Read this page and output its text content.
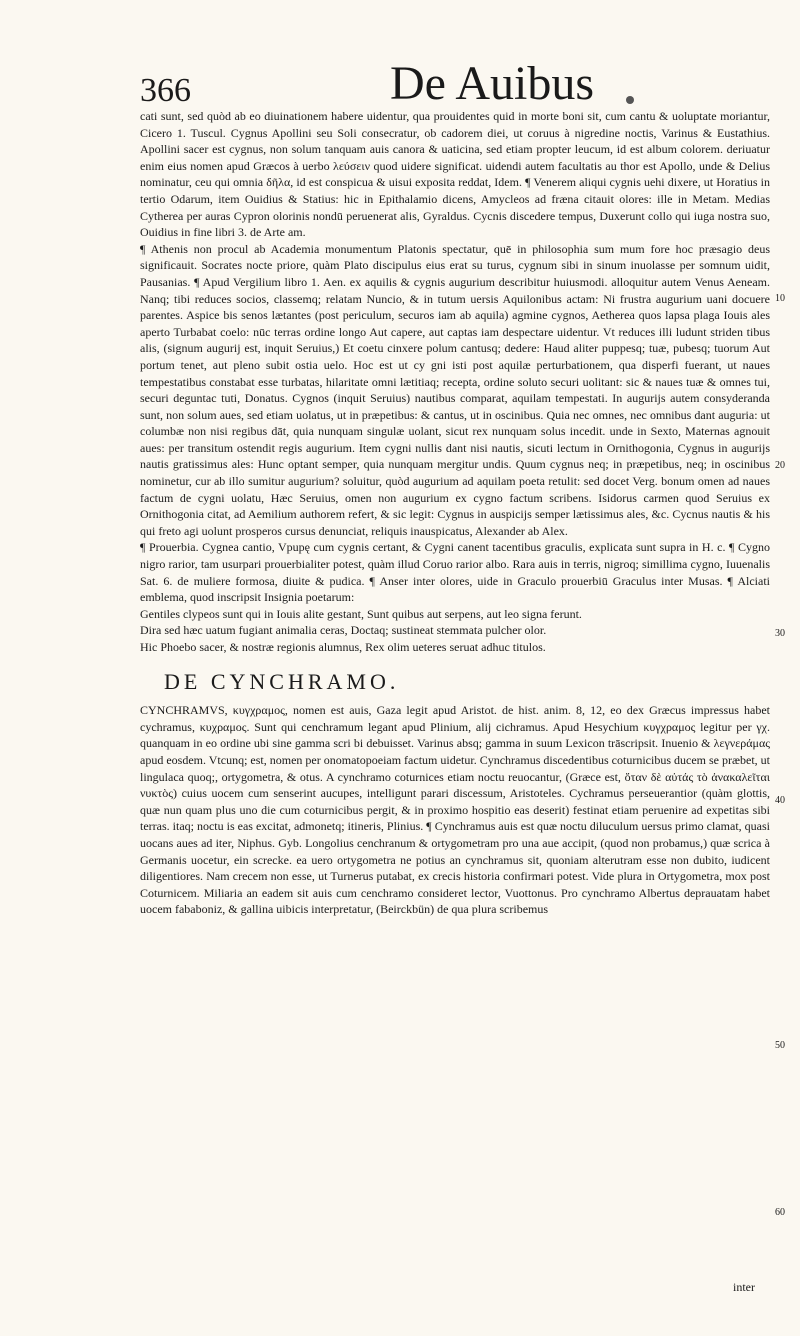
366	De Auibus

cati sunt, sed quòd ab eo diuinationem habere uidentur, qua prouidentes quid in morte boni sit, cum cantu & uoluptate moriantur, Cicero 1. Tuscul. Cygnus Apollini seu Soli consecratur, ob cadorem diei, ut coruus à nigredine noctis, Varinus & Eustathius. Apollini sacer est cygnus, non solum tanquam auis canora & uaticina, sed etiam propter leucum, id est album colorem. deriuatur enim eius nomen apud Græcos à uerbo λεύσειν quod uidere significat. uidendi autem facultatis au thor est Apollo, unde & Delius nominatur, ceu qui omnia δῆλα, id est conspicua & uisui exposita reddat, Idem. ¶ Venerem aliqui cygnis uehi dixere, ut Horatius in tertio Odarum, item Ouidius & Statius: hic in Epithalamio dicens, Amycleos ad fræna citauit olores: ille in Metam. Medias Cytherea per auras Cypron olorinis nondū peruenerat alis, Gyraldus. Cycnis discedere tempus, Duxerunt collo qui iuga nostra suo, Ouidius in fine libri 3. de Arte am.

¶ Athenis non procul ab Academia monumentum Platonis spectatur, quē in philosophia sum mum fore hoc præsagio deus significauit. Socrates nocte priore, quàm Plato discipulus eius erat su turus, cygnum sibi in sinum inuolasse per somnum uidit, Pausanias. ¶ Apud Vergilium libro 1. Aen. ex aquilis & cygnis augurium describitur huiusmodi. alloquitur autem Venus Aeneam. Nanq; tibi reduces socios, classemq; relatam Nuncio, & in tutum uersis Aquilonibus actam: Ni frustra augurium uani docuere parentes. Aspice bis senos lætantes (post periculum, securos iam ab aquila) agmine cygnos, Aetherea quos lapsa plaga Iouis ales aperto Turbabat coelo: nūc terras ordine longo Aut capere, aut captas iam despectare uidentur. Vt reduces illi ludunt striden tibus alis, (signum augurij est, inquit Seruius,) Et coetu cinxere polum cantusq; dedere: Haud aliter puppesq; tuæ, pubesq; tuorum Aut portum tenet, aut pleno subit ostia uelo. Hoc est ut cy gni isti post aquilæ perturbationem, qua disperfi fuerant, ut naues tempestatibus constabat esse turbatas, hilaritate omni lætitiaq; recepta, ordine soluto securi uolitant: sic & naues tuæ & omnes tui, securi deguntac tuti, Donatus. Cygnos (inquit Seruius) nautibus comparat, aquilam tempestati. In augurijs autem consyderanda sunt, non solum aues, sed etiam uolatus, ut in præpetibus: & cantus, ut in oscinibus. Quia nec omnes, nec omnibus dant auguria: ut columbæ non nisi regibus dāt, quia nunquam singulæ uolant, sicut rex nunquam solus incedit. unde in Sexto, Maternas agnouit aues: per transitum ostendit regis augurium. Item cygni nullis dant nisi nautis, sicuti lectum in Ornithogonia, Cygnus in augurijs nautis gratissimus ales: Hunc optant semper, quia nunquam mergitur undis. Quum cygnus neq; in præpetibus, neq; in oscinibus nominetur, cur ab illo sumitur augurium? soluitur, quòd augurium ad aquilam poeta retulit: sed docet Verg. bonum omen ad naues factum de cygni uolatu, Hæc Seruius, omen non augurium ex cygno factum scribens. Isidorus carmen quod Seruius ex Ornithogonia citat, ad Aemilium authorem refert, & sic legit: Cygnus in auspicijs semper lætissimus ales, &c. Cycnus nautis & his qui freto agi uolunt prosperos cursus denunciat, reliquis inauspicatus, Alexander ab Alex.

¶ Prouerbia. Cygnea cantio, Vpupę cum cygnis certant, & Cygni canent tacentibus graculis, explicata sunt supra in H. c. ¶ Cygno nigro rarior, tam usurpari prouerbialiter potest, quàm illud Coruo rarior albo. Rara auis in terris, nigroq; simillima cygno, Iuuenalis Sat. 6. de muliere formosa, diuite & pudica. ¶ Anser inter olores, uide in Graculo prouerbiū Graculus inter Musas. ¶ Alciati emblema, quod inscripsit Insignia poetarum:

Gentiles clypeos sunt qui in Iouis alite gestant, Sunt quibus aut serpens, aut leo signa ferunt.

Dira sed hæc uatum fugiant animalia ceras, Doctaq; sustineat stemmata pulcher olor.

Hic Phoebo sacer, & nostræ regionis alumnus, Rex olim ueteres seruat adhuc titulos.

DE CYNCHRAMO.

CYNCHRAMVS, κυγχραμος, nomen est auis, Gaza legit apud Aristot. de hist. anim. 8, 12, eo dex Græcus impressus habet cychramus, κυχραμος. Sunt qui cenchramum legant apud Plinium, alij cichramus. Apud Hesychium κυγχραμος legitur per γχ. quanquam in eo ordine ubi sine gamma scri bi debuisset. Varinus absq; gamma in suum Lexicon trāscripsit. Inuenio & λεγνεράμας apud eosdem. Vtcunq; est, nomen per onomatopoeiam factum uidetur. Cynchramus discedentibus coturnicibus ducem se præbet, ut lingulaca quoq;, ortygometra, & otus. A cynchramo coturnices etiam noctu reuocantur, (Græce est, ὅταν δὲ αὐτάς τὸ ἀνακαλεῖται νυκτὸς) cuius uocem cum senserint aucupes, intelligunt parari discessum, Aristoteles. Cychramus perseuerantior (quàm glottis, quæ nun quam plus uno die cum coturnicibus pergit, & in proximo hospitio eas deserit) festinat etiam peruenire ad expetitas sibi terras. itaq; noctu is eas excitat, admonetq; itineris, Plinius. ¶ Cynchramus auis est quæ noctu diluculum uersus primo clamat, quasi uocans aues ad iter, Niphus. Gyb. Longolius cenchranum & ortygometram pro una aue accipit, (quod non probamus,) quæ scrica à Germanis uocetur, ein screcke. ea uero ortygometra ne potius an cynchramus sit, quoniam alterutram esse non dubito, iudicent diligentiores. Nam crecem non esse, ut Turnerus putabat, ex crecis historia confirmari potest. Vide plura in Ortygometra, mox post Coturnicem. Miliaria an eadem sit auis cum cenchramo consideret lector, Vuottonus. Pro cynchramo Albertus deprauatam habet uocem fababoniz, & gallina uibicis interpretatur, (Beirckbün) de qua plura scribemus

10
20
30
40
50
60
inter
